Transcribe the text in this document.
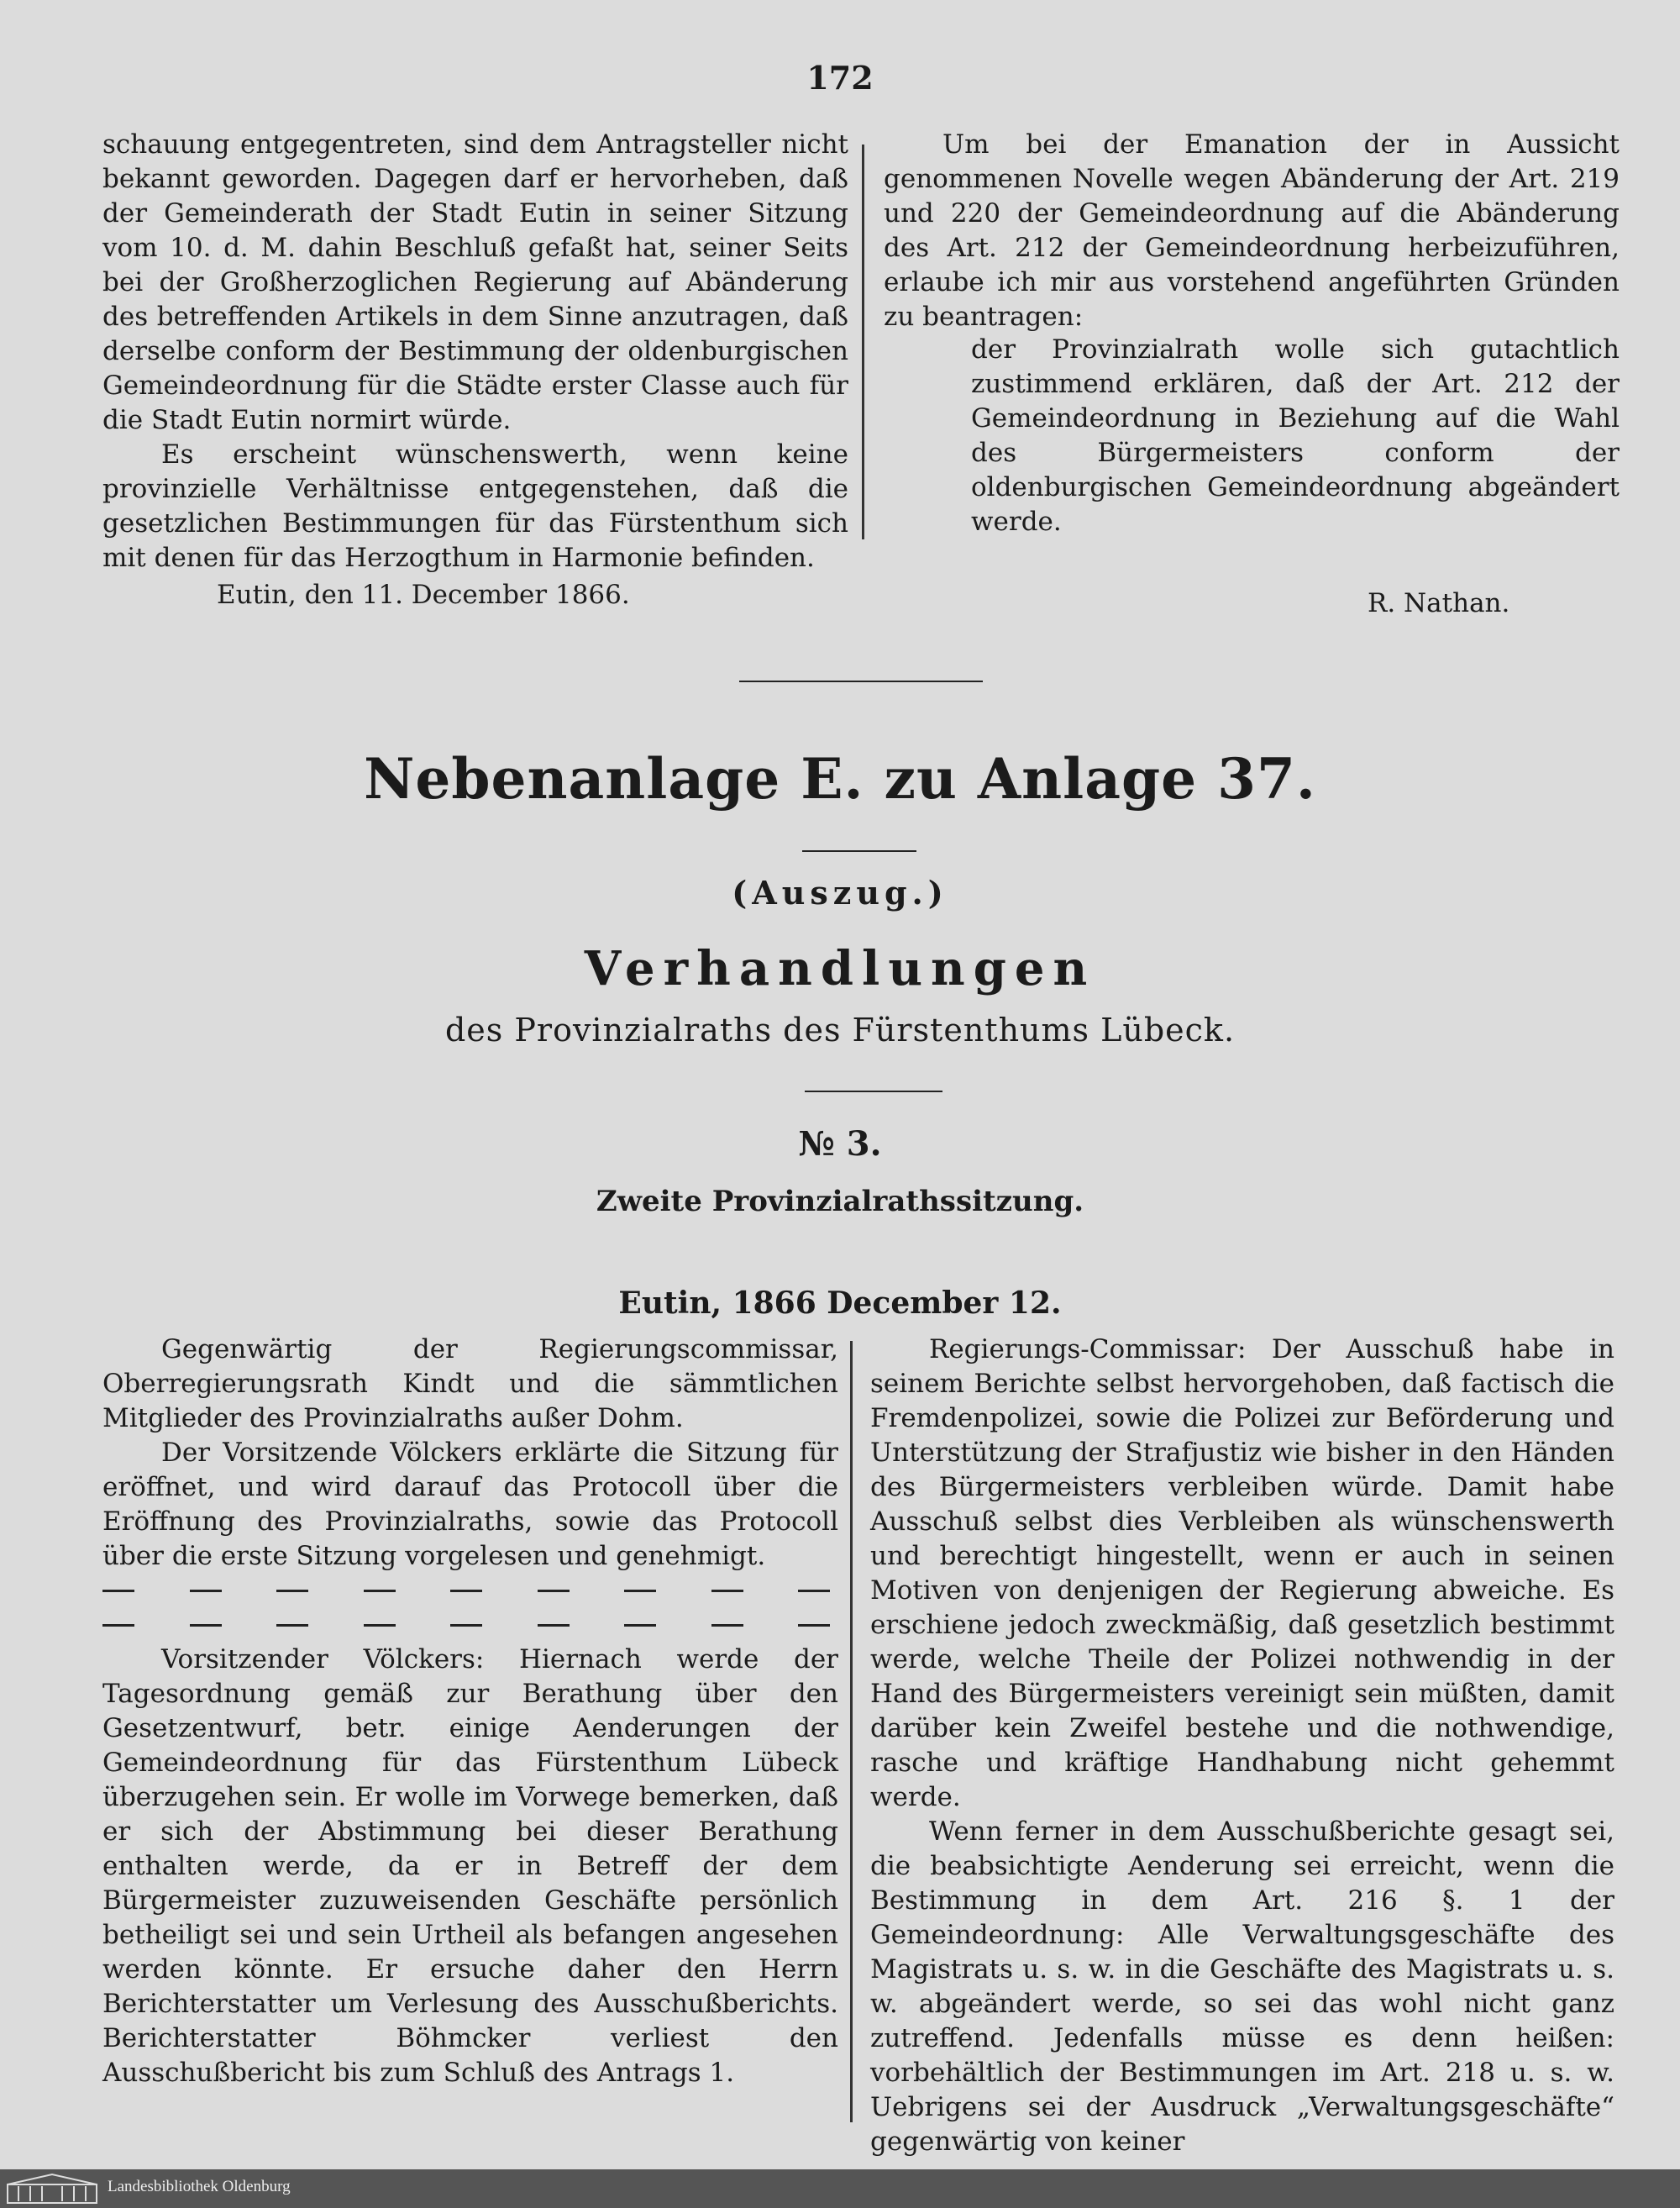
172

schauung entgegentreten, sind dem Antragsteller nicht bekannt geworden. Dagegen darf er hervorheben, daß der Gemeinderath der Stadt Eutin in seiner Sitzung vom 10. d. M. dahin Beschluß gefaßt hat, seiner Seits bei der Großherzoglichen Regierung auf Abänderung des betreffenden Artikels in dem Sinne anzutragen, daß derselbe conform der Bestimmung der oldenburgischen Gemeindeordnung für die Städte erster Classe auch für die Stadt Eutin normirt würde.

Es erscheint wünschenswerth, wenn keine provinzielle Verhältnisse entgegenstehen, daß die gesetzlichen Bestimmungen für das Fürstenthum sich mit denen für das Herzogthum in Harmonie befinden.

Eutin, den 11. December 1866.

Um bei der Emanation der in Aussicht genommenen Novelle wegen Abänderung der Art. 219 und 220 der Gemeindeordnung auf die Abänderung des Art. 212 der Gemeindeordnung herbeizuführen, erlaube ich mir aus vorstehend angeführten Gründen zu beantragen:

der Provinzialrath wolle sich gutachtlich zustimmend erklären, daß der Art. 212 der Gemeindeordnung in Beziehung auf die Wahl des Bürgermeisters conform der oldenburgischen Gemeindeordnung abgeändert werde.

R. Nathan.
Nebenanlage E. zu Anlage 37.
(Auszug.)
Verhandlungen
des Provinzialraths des Fürstenthums Lübeck.
№ 3.
Zweite Provinzialrathssitzung.
Eutin, 1866 December 12.

Gegenwärtig der Regierungscommissar, Oberregierungsrath Kindt und die sämmtlichen Mitglieder des Provinzialraths außer Dohm.

Der Vorsitzende Völckers erklärte die Sitzung für eröffnet, und wird darauf das Protocoll über die Eröffnung des Provinzialraths, sowie das Protocoll über die erste Sitzung vorgelesen und genehmigt.

Vorsitzender Völckers: Hiernach werde der Tagesordnung gemäß zur Berathung über den Gesetzentwurf, betr. einige Aenderungen der Gemeindeordnung für das Fürstenthum Lübeck überzugehen sein. Er wolle im Vorwege bemerken, daß er sich der Abstimmung bei dieser Berathung enthalten werde, da er in Betreff der dem Bürgermeister zuzuweisenden Geschäfte persönlich betheiligt sei und sein Urtheil als befangen angesehen werden könnte. Er ersuche daher den Herrn Berichterstatter um Verlesung des Ausschußberichts. Berichterstatter Böhmcker verliest den Ausschußbericht bis zum Schluß des Antrags 1.

Regierungs-Commissar: Der Ausschuß habe in seinem Berichte selbst hervorgehoben, daß factisch die Fremdenpolizei, sowie die Polizei zur Beförderung und Unterstützung der Strafjustiz wie bisher in den Händen des Bürgermeisters verbleiben würde. Damit habe Ausschuß selbst dies Verbleiben als wünschenswerth und berechtigt hingestellt, wenn er auch in seinen Motiven von denjenigen der Regierung abweiche. Es erschiene jedoch zweckmäßig, daß gesetzlich bestimmt werde, welche Theile der Polizei nothwendig in der Hand des Bürgermeisters vereinigt sein müßten, damit darüber kein Zweifel bestehe und die nothwendige, rasche und kräftige Handhabung nicht gehemmt werde.

Wenn ferner in dem Ausschußberichte gesagt sei, die beabsichtigte Aenderung sei erreicht, wenn die Bestimmung in dem Art. 216 §. 1 der Gemeindeordnung: Alle Verwaltungsgeschäfte des Magistrats u. s. w. in die Geschäfte des Magistrats u. s. w. abgeändert werde, so sei das wohl nicht ganz zutreffend. Jedenfalls müsse es denn heißen: vorbehältlich der Bestimmungen im Art. 218 u. s. w. Uebrigens sei der Ausdruck „Verwaltungsgeschäfte“ gegenwärtig von keiner

Landesbibliothek Oldenburg
